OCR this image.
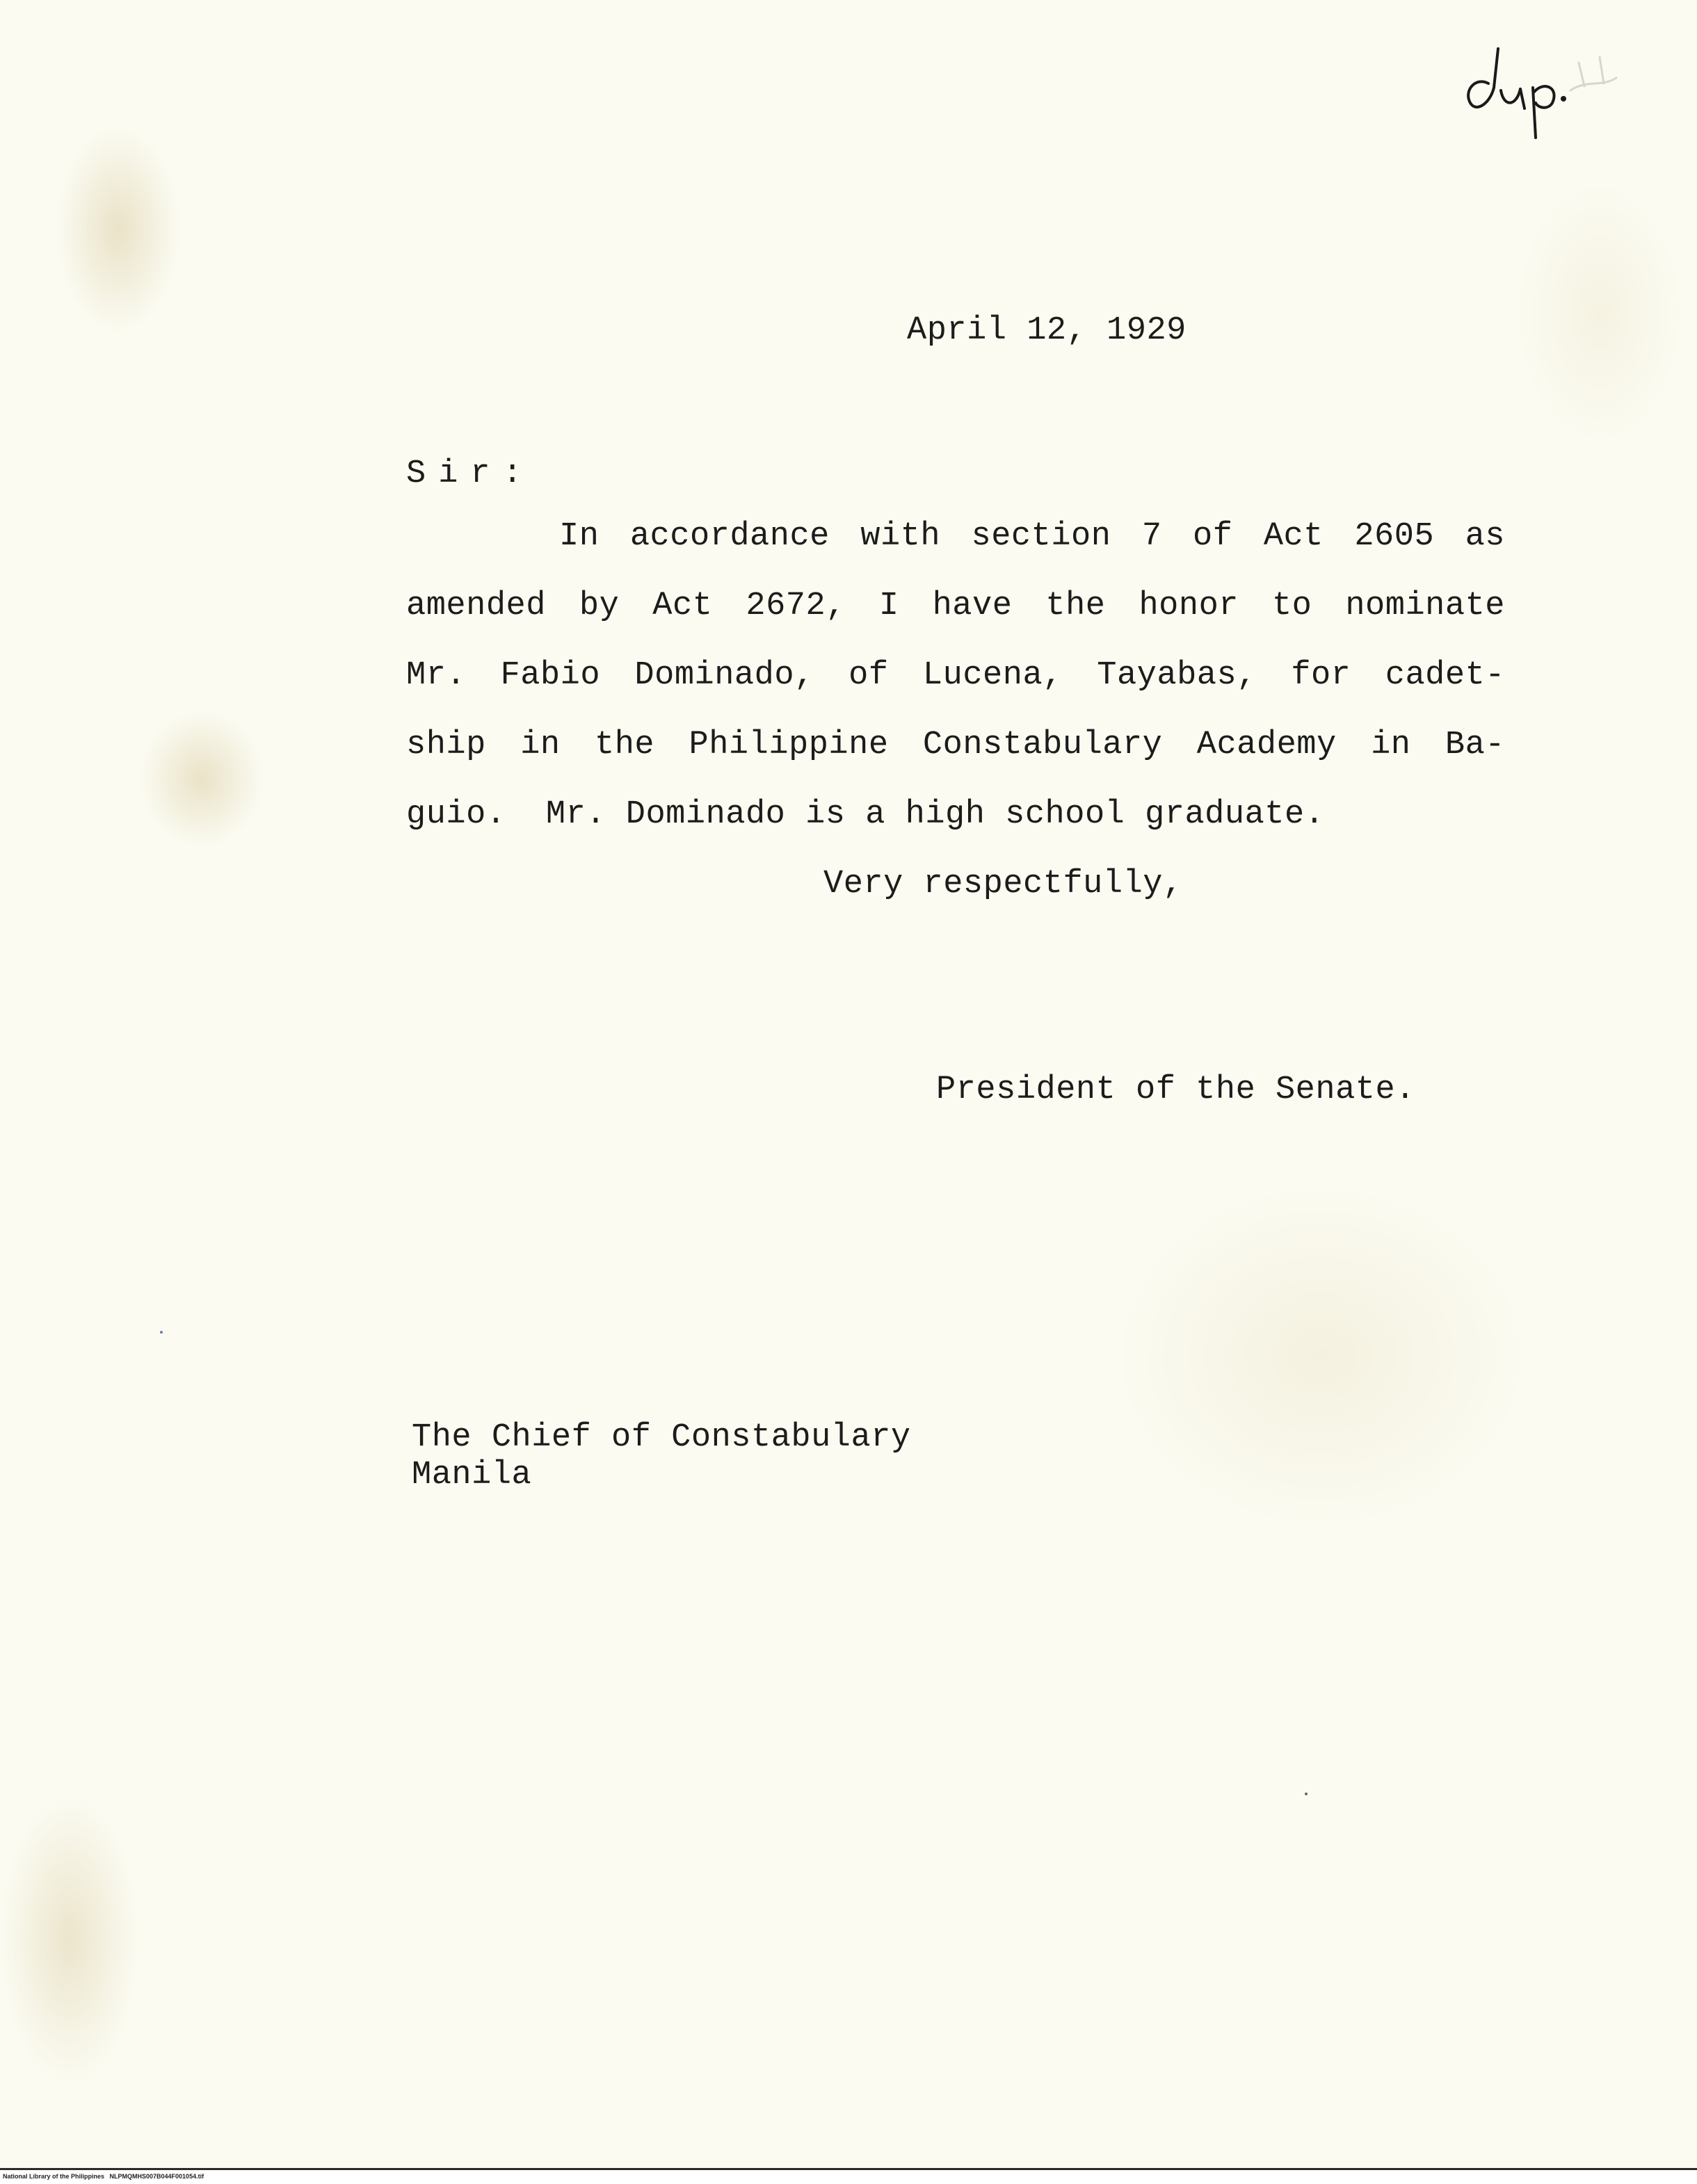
April 12, 1929
Sir:
In accordance with section 7 of Act 2605 as
amended by Act 2672, I have the honor to nominate
Mr. Fabio Dominado, of Lucena, Tayabas, for cadet-
ship in the Philippine Constabulary Academy in Ba-
guio.  Mr. Dominado is a high school graduate.
Very respectfully,
President of the Senate.
The Chief of Constabulary
Manila
National Library of the Philippines   NLPMQMHS007B044F001054.tif
